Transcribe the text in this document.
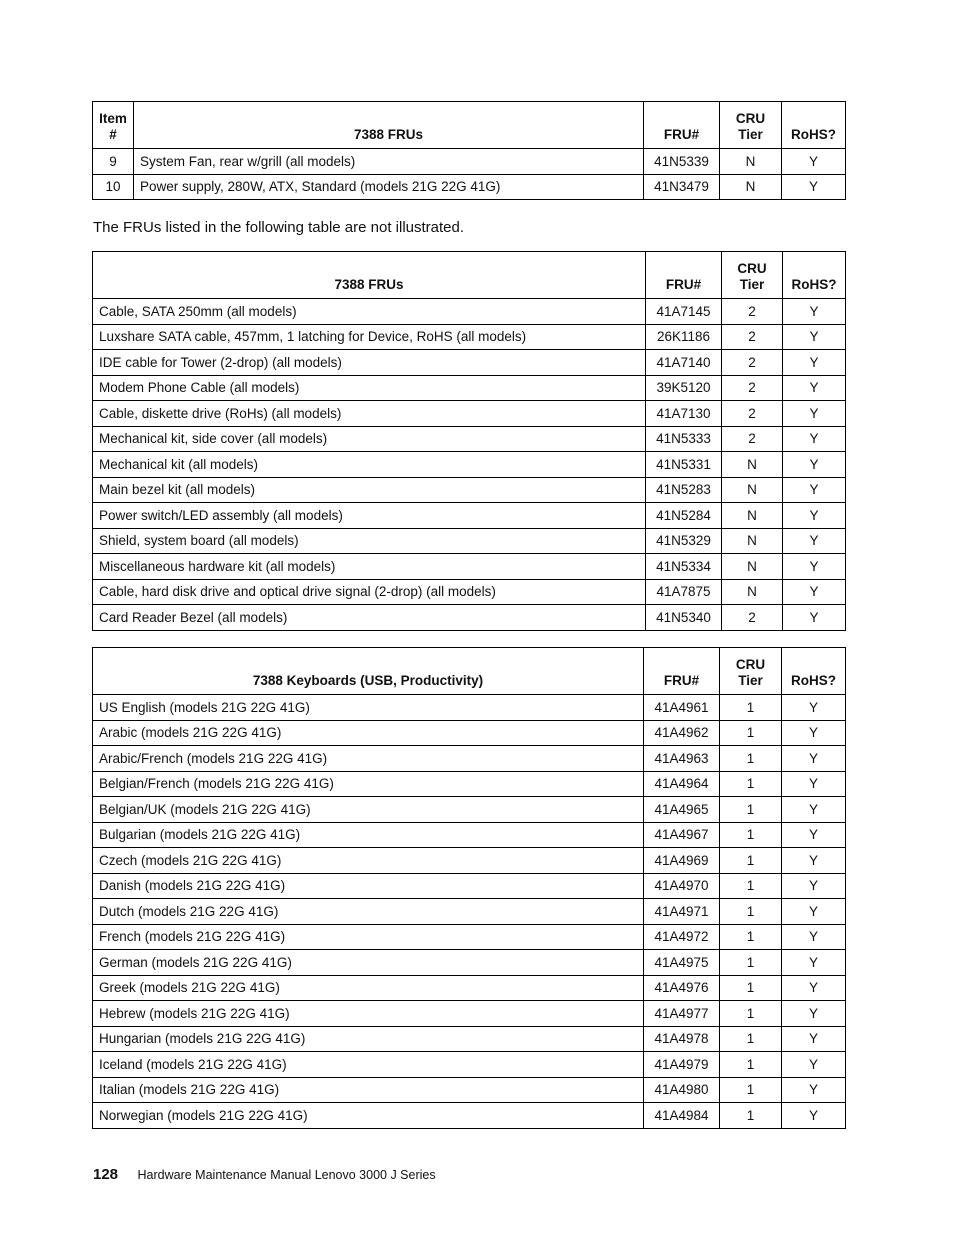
Item #	7388 FRUs	FRU#	CRU Tier	RoHS?
9	System Fan, rear w/grill (all models)	41N5339	N	Y
10	Power supply, 280W, ATX, Standard (models 21G 22G 41G)	41N3479	N	Y

The FRUs listed in the following table are not illustrated.

7388 FRUs	FRU#	CRU Tier	RoHS?
Cable, SATA 250mm (all models)	41A7145	2	Y
Luxshare SATA cable, 457mm, 1 latching for Device, RoHS (all models)	26K1186	2	Y
IDE cable for Tower (2-drop) (all models)	41A7140	2	Y
Modem Phone Cable (all models)	39K5120	2	Y
Cable, diskette drive (RoHs) (all models)	41A7130	2	Y
Mechanical kit, side cover (all models)	41N5333	2	Y
Mechanical kit (all models)	41N5331	N	Y
Main bezel kit (all models)	41N5283	N	Y
Power switch/LED assembly (all models)	41N5284	N	Y
Shield, system board (all models)	41N5329	N	Y
Miscellaneous hardware kit (all models)	41N5334	N	Y
Cable, hard disk drive and optical drive signal (2-drop) (all models)	41A7875	N	Y
Card Reader Bezel (all models)	41N5340	2	Y
7388 Keyboards (USB, Productivity)	FRU#	CRU Tier	RoHS?
US English (models 21G 22G 41G)	41A4961	1	Y
Arabic (models 21G 22G 41G)	41A4962	1	Y
Arabic/French (models 21G 22G 41G)	41A4963	1	Y
Belgian/French (models 21G 22G 41G)	41A4964	1	Y
Belgian/UK (models 21G 22G 41G)	41A4965	1	Y
Bulgarian (models 21G 22G 41G)	41A4967	1	Y
Czech (models 21G 22G 41G)	41A4969	1	Y
Danish (models 21G 22G 41G)	41A4970	1	Y
Dutch (models 21G 22G 41G)	41A4971	1	Y
French (models 21G 22G 41G)	41A4972	1	Y
German (models 21G 22G 41G)	41A4975	1	Y
Greek (models 21G 22G 41G)	41A4976	1	Y
Hebrew (models 21G 22G 41G)	41A4977	1	Y
Hungarian (models 21G 22G 41G)	41A4978	1	Y
Iceland (models 21G 22G 41G)	41A4979	1	Y
Italian (models 21G 22G 41G)	41A4980	1	Y
Norwegian (models 21G 22G 41G)	41A4984	1	Y

128 Hardware Maintenance Manual Lenovo 3000 J Series
